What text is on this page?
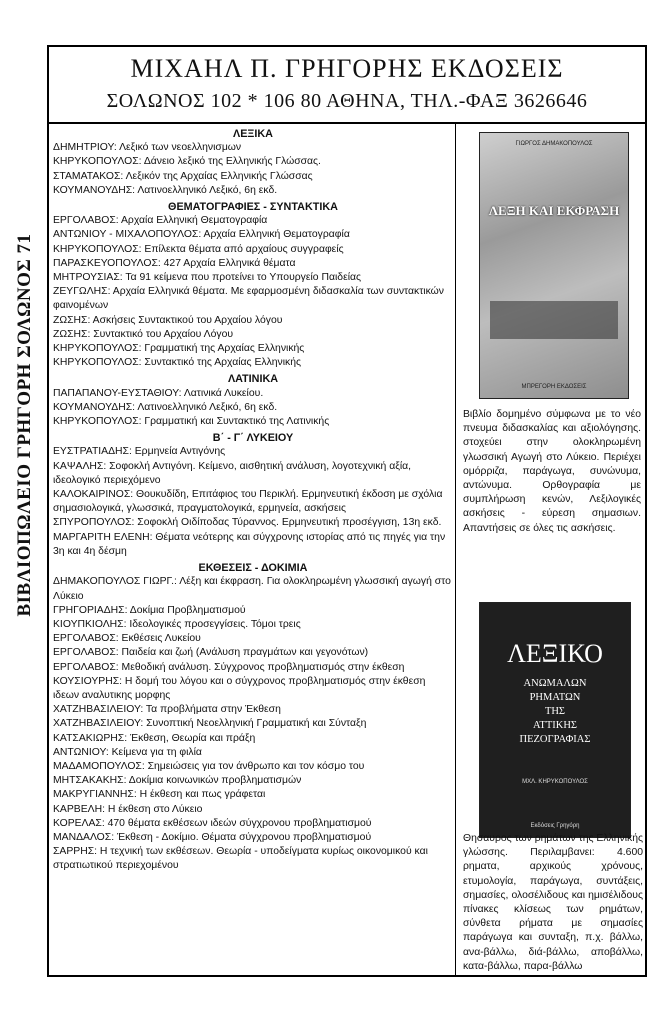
ΒΙΒΛΙΟΠΩΛΕΙΟ ΓΡΗΓΟΡΗ ΣΟΛΩΝΟΣ 71
ΜΙΧΑΗΛ Π. ΓΡΗΓΟΡΗΣ ΕΚΔΟΣΕΙΣ
ΣΟΛΩΝΟΣ 102 * 106 80 ΑΘΗΝΑ, ΤΗΛ.-ΦΑΞ 3626646
ΛΕΞΙΚΑ
ΔΗΜΗΤΡΙΟΥ: Λεξικό των νεοελληνισμων
ΚΗΡΥΚΟΠΟΥΛΟΣ: Δάνειο λεξικό της Ελληνικής Γλώσσας.
ΣΤΑΜΑΤΑΚΟΣ: Λεξικόν της Αρχαίας Ελληνικής Γλώσσας
ΚΟΥΜΑΝΟΥΔΗΣ: Λατινοελληνικό Λεξικό, 6η εκδ.
ΘΕΜΑΤΟΓΡΑΦΙΕΣ - ΣΥΝΤΑΚΤΙΚΑ
ΕΡΓΟΛΑΒΟΣ: Αρχαία Ελληνική Θεματογραφία
ΑΝΤΩΝΙΟΥ - ΜΙΧΑΛΟΠΟΥΛΟΣ: Αρχαία Ελληνική Θεματογραφία
ΚΗΡΥΚΟΠΟΥΛΟΣ: Επίλεκτα θέματα από αρχαίους συγγραφείς
ΠΑΡΑΣΚΕΥΟΠΟΥΛΟΣ: 427 Αρχαία Ελληνικά θέματα
ΜΗΤΡΟΥΣΙΑΣ: Τα 91 κείμενα που προτείνει το Υπουργείο Παιδείας
ΖΕΥΓΩΛΗΣ: Αρχαία Ελληνικά θέματα. Με εφαρμοσμένη διδασκαλία των συντακτικών φαινομένων
ΖΩΣΗΣ: Ασκήσεις Συντακτικού του Αρχαίου λόγου
ΖΩΣΗΣ: Συντακτικό του Αρχαίου Λόγου
ΚΗΡΥΚΟΠΟΥΛΟΣ: Γραμματική της Αρχαίας Ελληνικής
ΚΗΡΥΚΟΠΟΥΛΟΣ: Συντακτικό της Αρχαίας Ελληνικής
ΛΑΤΙΝΙΚΑ
ΠΑΠΑΠΑΝΟΥ-ΕΥΣΤΑΘΙΟΥ: Λατινικά Λυκείου.
ΚΟΥΜΑΝΟΥΔΗΣ: Λατινοελληνικό Λεξικό, 6η εκδ.
ΚΗΡΥΚΟΠΟΥΛΟΣ: Γραμματική και Συντακτικό της Λατινικής
Β΄ - Γ΄ ΛΥΚΕΙΟΥ
ΕΥΣΤΡΑΤΙΑΔΗΣ: Ερμηνεία Αντιγόνης
ΚΑΨΑΛΗΣ: Σοφοκλή Αντιγόνη. Κείμενο, αισθητική ανάλυση, λογοτεχνική αξία, ιδεολογικό περιεχόμενο
ΚΑΛΟΚΑΙΡΙΝΟΣ: Θουκυδίδη, Επιτάφιος του Περικλή. Ερμηνευτική έκδοση με σχόλια σημασιολογικά, γλωσσικά, πραγματολογικά, ερμηνεία, ασκήσεις
ΣΠΥΡΟΠΟΥΛΟΣ: Σοφοκλή Οιδίποδας Τύραννος. Ερμηνευτική προσέγγιση, 13η εκδ.
ΜΑΡΓΑΡΙΤΗ ΕΛΕΝΗ: Θέματα νεότερης και σύγχρονης ιστορίας από τις πηγές για την 3η και 4η δέσμη
ΕΚΘΕΣΕΙΣ - ΔΟΚΙΜΙΑ
ΔΗΜΑΚΟΠΟΥΛΟΣ ΓΙΩΡΓ.: Λέξη και έκφραση. Για ολοκληρωμένη γλωσσική αγωγή στο Λύκειο
ΓΡΗΓΟΡΙΑΔΗΣ: Δοκίμια Προβληματισμού
ΚΙΟΥΠΚΙΟΛΗΣ: Ιδεολογικές προσεγγίσεις. Τόμοι τρεις
ΕΡΓΟΛΑΒΟΣ: Εκθέσεις Λυκείου
ΕΡΓΟΛΑΒΟΣ: Παιδεία και ζωή (Ανάλυση πραγμάτων και γεγονότων)
ΕΡΓΟΛΑΒΟΣ: Μεθοδική ανάλυση. Σύγχρονος προβληματισμός στην έκθεση
ΚΟΥΣΙΟΥΡΗΣ: Η δομή του λόγου και ο σύγχρονος προβληματισμός στην έκθεση ιδεων αναλυτικης μορφης
ΧΑΤΖΗΒΑΣΙΛΕΙΟΥ: Τα προβλήματα στην Έκθεση
ΧΑΤΖΗΒΑΣΙΛΕΙΟΥ: Συνοπτική Νεοελληνική Γραμματική και Σύνταξη
ΚΑΤΣΑΚΙΩΡΗΣ: Έκθεση, Θεωρία και πράξη
ΑΝΤΩΝΙΟΥ: Κείμενα για τη φιλία
ΜΑΔΑΜΟΠΟΥΛΟΣ: Σημειώσεις για τον άνθρωπο και τον κόσμο του
ΜΗΤΣΑΚΑΚΗΣ: Δοκίμια κοινωνικών προβληματισμών
ΜΑΚΡΥΓΙΑΝΝΗΣ: Η έκθεση και πως γράφεται
ΚΑΡΒΕΛΗ: Η έκθεση στο Λύκειο
ΚΟΡΕΛΑΣ: 470 θέματα εκθέσεων ιδεών σύγχρονου προβληματισμού
ΜΑΝΔΑΛΟΣ: Έκθεση - Δοκίμιο. Θέματα σύγχρονου προβληματισμού
ΣΑΡΡΗΣ: Η τεχνική των εκθέσεων. Θεωρία - υποδείγματα κυρίως οικονομικού και στρατιωτικού περιεχομένου
ΓΙΩΡΓΟΣ ΔΗΜΑΚΟΠΟΥΛΟΣ
ΛΕΞΗ ΚΑΙ ΕΚΦΡΑΣΗ
ΜΠΡΕΓΟΡΗ ΕΚΔΟΣΕΙΣ
Βιβλίο δομημένο σύμφωνα με το νέο πνευμα διδασκαλίας και αξιολόγησης. στοχεύει στην ολοκληρωμένη γλωσσική Αγωγή στο Λύκειο. Περιέχει ομόρριζα, παράγωγα, συνώνυμα, αντώνυμα. Ορθογραφία με συμπλήρωση κενών, Λεξιλογικές ασκήσεις - εύρεση σημασιων. Απαντήσεις σε όλες τις ασκήσεις.
ΛΕΞΙΚΟ
ΑΝΩΜΑΛΩΝ
ΡΗΜΑΤΩΝ
ΤΗΣ
ΑΤΤΙΚΗΣ
ΠΕΖΟΓΡΑΦΙΑΣ
ΜΧΛ. ΚΗΡΥΚΟΠΟΥΛΟΣ
Εκδόσεις Γρηγόρη
Θησαυρος των ρημάτων της Ελληνικής γλώσσης. Περιλαμβανει: 4.600 ρηματα, αρχικούς χρόνους, ετυμολογία, παράγωγα, συντάξεις, σημασίες, ολοσέλιδους και ημισέλιδους πίνακες κλίσεως των ρημάτων, σύνθετα ρήματα με σημασίες παράγωγα και συνταξη, π.χ. βάλλω, ανα-βάλλω, διά-βάλλω, αποβάλλω, κατα-βάλλω, παρα-βάλλω
